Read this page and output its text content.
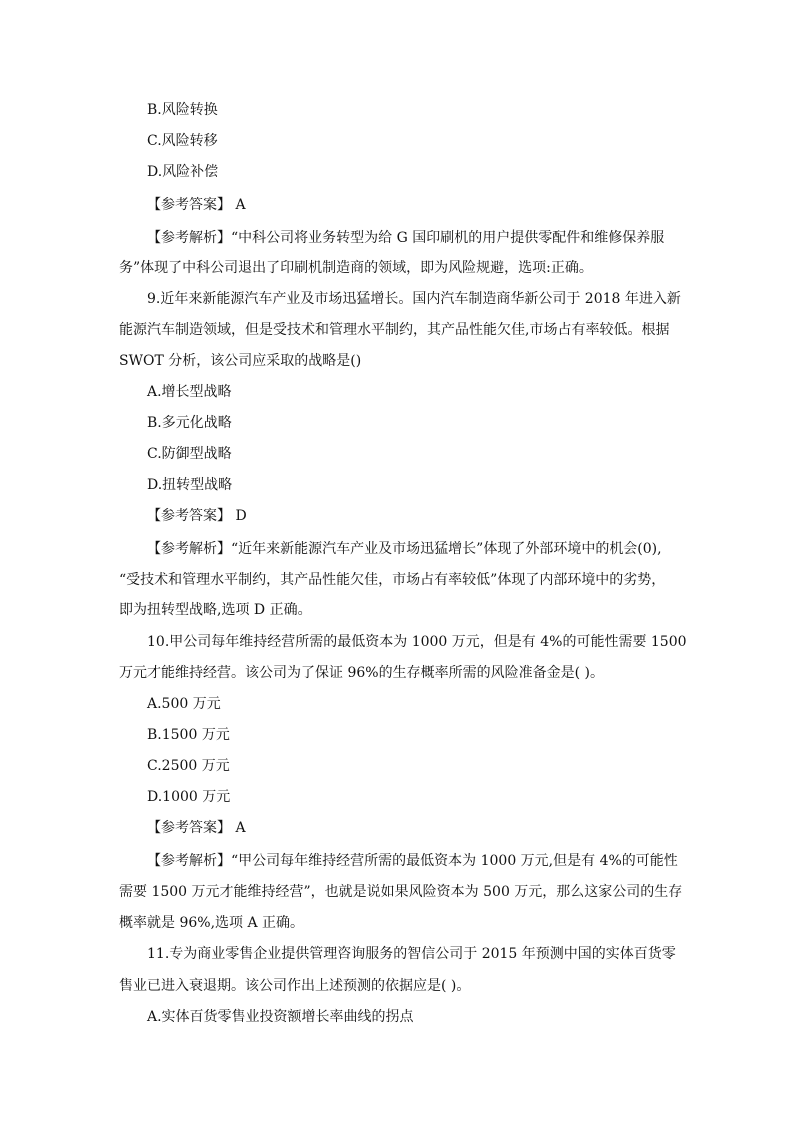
B.风险转换
C.风险转移
D.风险补偿
【参考答案】 A
【参考解析】“中科公司将业务转型为给 G 国印刷机的用户提供零配件和维修保养服
务”体现了中科公司退出了印刷机制造商的领域，即为风险规避，选项:正确。
9.近年来新能源汽车产业及市场迅猛增长。国内汽车制造商华新公司于 2018 年进入新
能源汽车制造领域，但是受技术和管理水平制约，其产品性能欠佳,市场占有率较低。根据
SWOT 分析，该公司应采取的战略是()
A.增长型战略
B.多元化战略
C.防御型战略
D.扭转型战略
【参考答案】 D
【参考解析】“近年来新能源汽车产业及市场迅猛增长”体现了外部环境中的机会(0),
“受技术和管理水平制约，其产品性能欠佳，市场占有率较低”体现了内部环境中的劣势，
即为扭转型战略,选项 D 正确。
10.甲公司每年维持经营所需的最低资本为 1000 万元，但是有 4%的可能性需要 1500
万元才能维持经营。该公司为了保证 96%的生存概率所需的风险准备金是( )。
A.500 万元
B.1500 万元
C.2500 万元
D.1000 万元
【参考答案】 A
【参考解析】“甲公司每年维持经营所需的最低资本为 1000 万元,但是有 4%的可能性
需要 1500 万元才能维持经营”，也就是说如果风险资本为 500 万元，那么这家公司的生存
概率就是 96%,选项 A 正确。
11.专为商业零售企业提供管理咨询服务的智信公司于 2015 年预测中国的实体百货零
售业已进入衰退期。该公司作出上述预测的依据应是( )。
A.实体百货零售业投资额增长率曲线的拐点
